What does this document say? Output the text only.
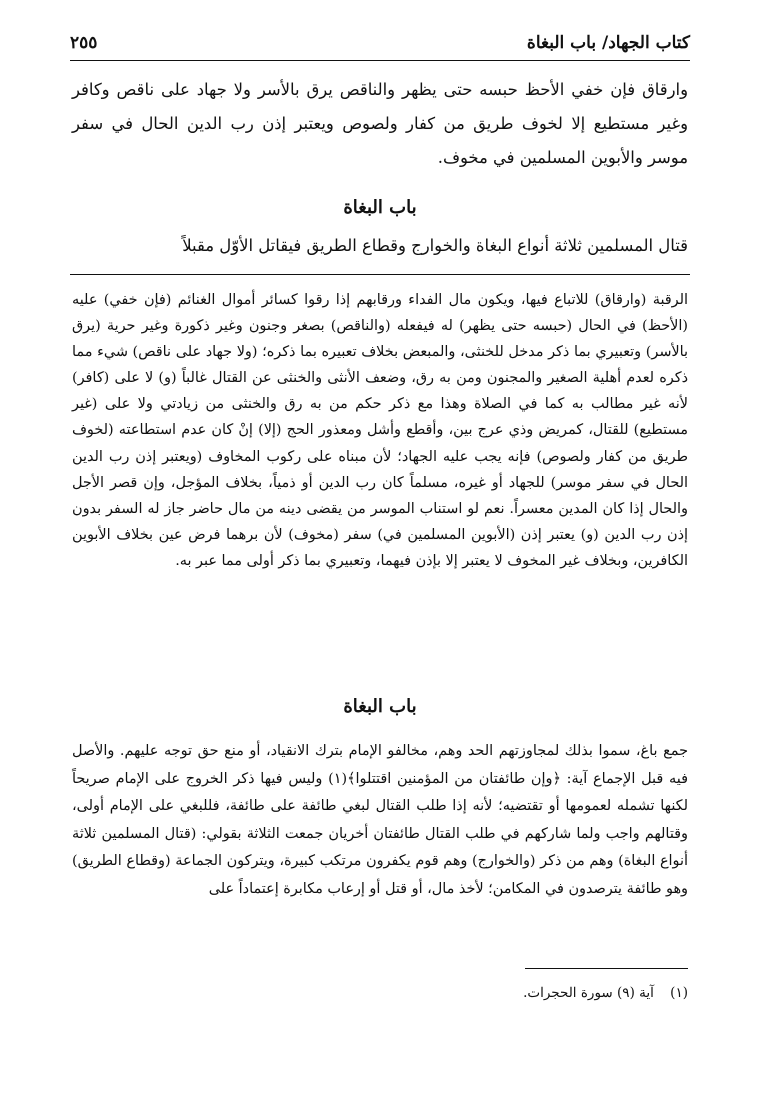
كتاب الجهاد/ باب البغاة
٢٥٥

وارقاق فإن خفي الأحظ حبسه حتى يظهر والناقص يرق بالأسر ولا جهاد على ناقص وكافر وغير مستطيع إلا لخوف طريق من كفار ولصوص ويعتبر إذن رب الدين الحال في سفر موسر والأبوين المسلمين في مخوف.

باب البغاة
قتال المسلمين ثلاثة أنواع البغاة والخوارج وقطاع الطريق فيقاتل الأوّل مقبلاً

الرقبة (وارقاق) للاتباع فيها، ويكون مال الفداء ورقابهم إذا رقوا كسائر أموال الغنائم (فإن خفي) عليه (الأحظ) في الحال (حبسه حتى يظهر) له فيفعله (والناقص) بصغر وجنون وغير ذكورة وغير حرية (يرق بالأسر) وتعبيري بما ذكر مدخل للخنثى، والمبعض بخلاف تعبيره بما ذكره؛ (ولا جهاد على ناقص) شيء مما ذكره لعدم أهلية الصغير والمجنون ومن به رق، وضعف الأنثى والخنثى عن القتال غالباً (و) لا على (كافر) لأنه غير مطالب به كما في الصلاة وهذا مع ذكر حكم من به رق والخنثى من زيادتي ولا على (غير مستطيع) للقتال، كمريض وذي عرج بين، وأقطع وأشل ومعذور الحج (إلا) إنْ كان عدم استطاعته (لخوف طريق من كفار ولصوص) فإنه يجب عليه الجهاد؛ لأن مبناه على ركوب المخاوف (ويعتبر إذن رب الدين الحال في سفر موسر) للجهاد أو غيره، مسلماً كان رب الدين أو ذمياً، بخلاف المؤجل، وإن قصر الأجل والحال إذا كان المدين معسراً. نعم لو استناب الموسر من يقضى دينه من مال حاضر جاز له السفر بدون إذن رب الدين (و) يعتبر إذن (الأبوين المسلمين في) سفر (مخوف) لأن برهما فرض عين بخلاف الأبوين الكافرين، وبخلاف غير المخوف لا يعتبر إلا بإذن فيهما، وتعبيري بما ذكر أولى مما عبر به.

باب البغاة

جمع باغ، سموا بذلك لمجاوزتهم الحد وهم، مخالفو الإمام بترك الانقياد، أو منع حق توجه عليهم. والأصل فيه قبل الإجماع آية: ﴿وإن طائفتان من المؤمنين اقتتلوا﴾(١) وليس فيها ذكر الخروج على الإمام صريحاً لكنها تشمله لعمومها أو تقتضيه؛ لأنه إذا طلب القتال لبغي طائفة على طائفة، فللبغي على الإمام أولى، وقتالهم واجب ولما شاركهم في طلب القتال طائفتان أخريان جمعت الثلاثة بقولي: (قتال المسلمين ثلاثة أنواع البغاة) وهم من ذكر (والخوارج) وهم قوم يكفرون مرتكب كبيرة، ويتركون الجماعة (وقطاع الطريق) وهو طائفة يترصدون في المكامن؛ لأخذ مال، أو قتل أو إرعاب مكابرة إعتماداً على

(١) آية (٩) سورة الحجرات.
